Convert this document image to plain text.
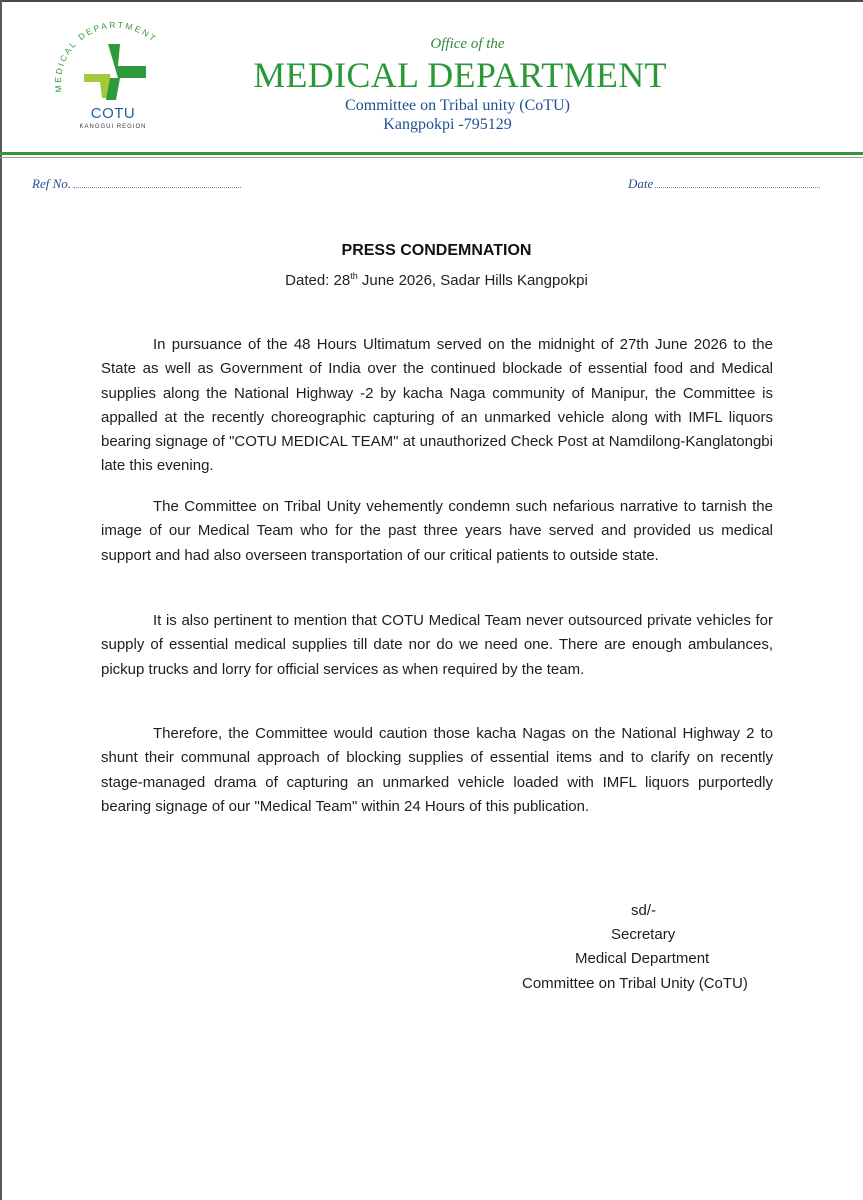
MEDICAL DEPARTMENT
COTU
KANGGUI REGION
Office of the
MEDICAL DEPARTMENT
Committee on Tribal unity (CoTU)
Kangpokpi -795129
Ref No.	Date
PRESS CONDEMNATION
Dated: 28th June 2026, Sadar Hills Kangpokpi

In pursuance of the 48 Hours Ultimatum served on the midnight of 27th June 2026 to the State as well as Government of India over the continued blockade of essential food and Medical supplies along the National Highway -2 by kacha Naga community of Manipur, the Committee is appalled at the recently choreographic capturing of an unmarked vehicle along with IMFL liquors bearing signage of "COTU MEDICAL TEAM" at unauthorized Check Post at Namdilong-Kanglatongbi late this evening.

The Committee on Tribal Unity vehemently condemn such nefarious narrative to tarnish the image of our Medical Team who for the past three years have served and provided us medical support and had also overseen transportation of our critical patients to outside state.

It is also pertinent to mention that COTU Medical Team never outsourced private vehicles for supply of essential medical supplies till date nor do we need one. There are enough ambulances, pickup trucks and lorry for official services as when required by the team.

Therefore, the Committee would caution those kacha Nagas on the National Highway 2 to shunt their communal approach of blocking supplies of essential items and to clarify on recently stage-managed drama of capturing an unmarked vehicle loaded with IMFL liquors purportedly bearing signage of our "Medical Team" within 24 Hours of this publication.

sd/-
Secretary
Medical Department
Committee on Tribal Unity (CoTU)
